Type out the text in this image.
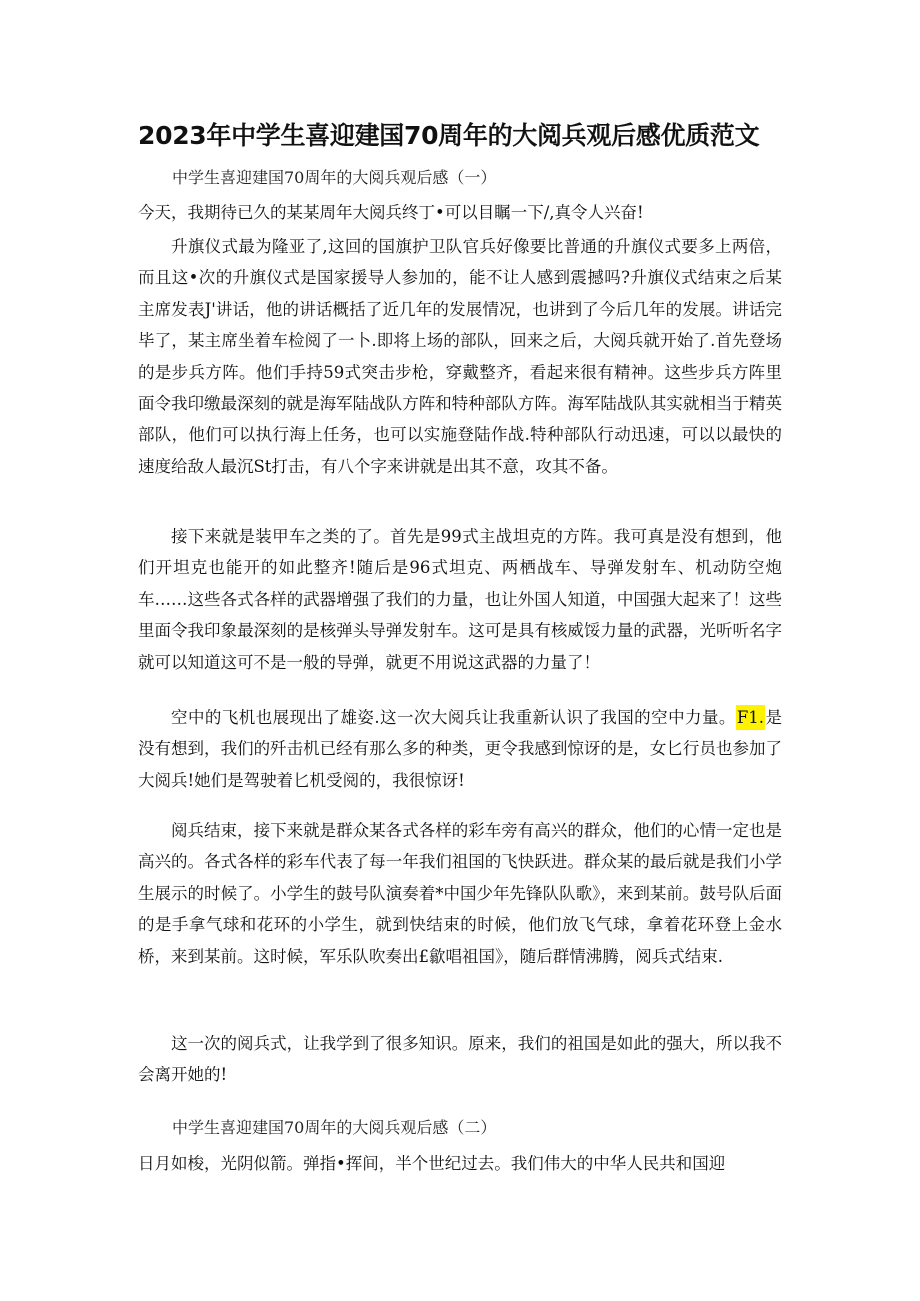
2023年中学生喜迎建国70周年的大阅兵观后感优质范文
中学生喜迎建国70周年的大阅兵观后感（一）

今天，我期待已久的某某周年大阅兵终丁•可以目瞩一下/,真令人兴奋!

升旗仪式最为隆亚了,这回的国旗护卫队官兵好像要比普通的升旗仪式要多上两倍，而且这•次的升旗仪式是国家援导人参加的，能不让人感到震撼吗?升旗仪式结束之后某主席发表J'讲话，他的讲话概括了近几年的发展情况，也讲到了今后几年的发展。讲话完毕了，某主席坐着车检阅了一卜.即将上场的部队，回来之后，大阅兵就开始了.首先登场的是步兵方阵。他们手持59式突击步枪，穿戴整齐，看起来很有精神。这些步兵方阵里面令我印缴最深刻的就是海军陆战队方阵和特种部队方阵。海军陆战队其实就相当于精英部队，他们可以执行海上任务，也可以实施登陆作战.特种部队行动迅速，可以以最快的速度给敌人最沉St打击，有八个字来讲就是出其不意，攻其不备。

接下来就是装甲车之类的了。首先是99式主战坦克的方阵。我可真是没有想到，他们开坦克也能开的如此整齐!随后是96式坦克、两栖战车、导弹发射车、机动防空炮车……这些各式各样的武器增强了我们的力量，也让外国人知道，中国强大起来了！这些里面令我印象最深刻的是核弹头导弹发射车。这可是具有核威馁力量的武器，光听听名字就可以知道这可不是一般的导弹，就更不用说这武器的力量了！

空中的飞机也展现出了雄姿.这一次大阅兵让我重新认识了我国的空中力量。F1.是没有想到，我们的歼击机已经有那么多的种类，更令我感到惊讶的是，女匕行员也参加了大阅兵!她们是驾驶着匕机受阅的，我很惊讶!

阅兵结束，接下来就是群众某各式各样的彩车旁有高兴的群众，他们的心情一定也是高兴的。各式各样的彩车代表了每一年我们祖国的飞快跃进。群众某的最后就是我们小学生展示的时候了。小学生的鼓号队演奏着*中国少年先锋队队歌》，来到某前。鼓号队后面的是手拿气球和花环的小学生，就到快结束的时候，他们放飞气球，拿着花环登上金水桥，来到某前。这时候，军乐队吹奏出£歙唱祖国》，随后群情沸腾，阅兵式结束.

这一次的阅兵式，让我学到了很多知识。原来，我们的祖国是如此的强大，所以我不会离开她的!

中学生喜迎建国70周年的大阅兵观后感（二）

日月如梭，光阴似箭。弹指•挥间，半个世纪过去。我们伟大的中华人民共和国迎
